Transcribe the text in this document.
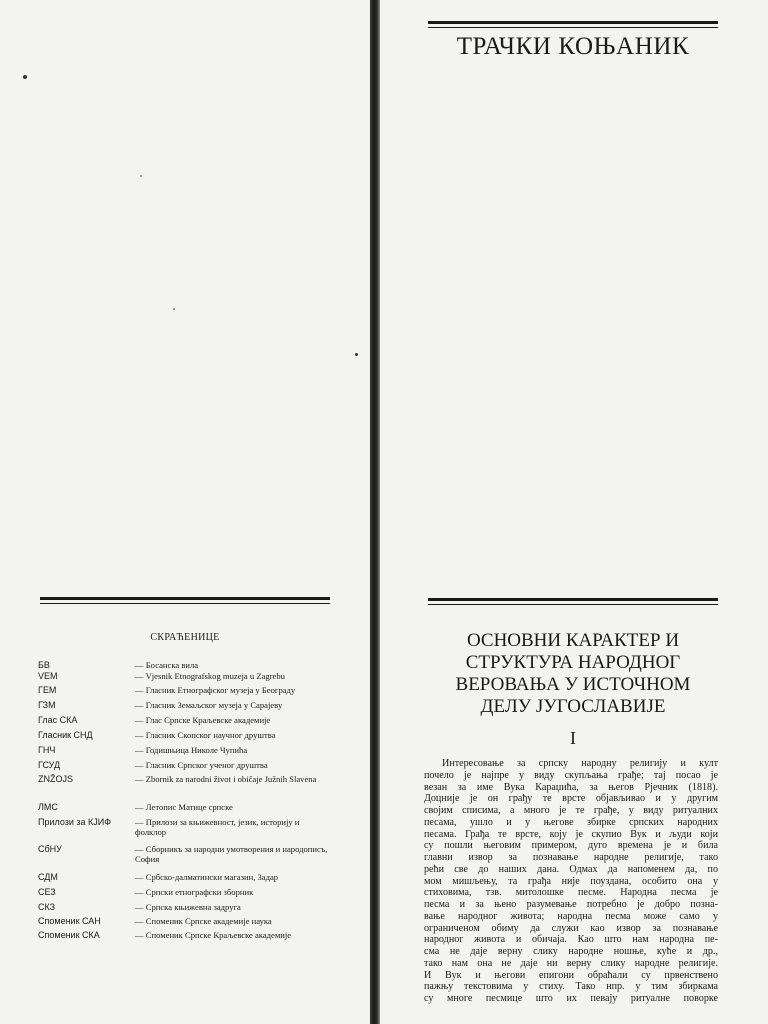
СКРАЋЕНИЦЕ
БВ	— Босанска вила
VEM	— Vjesnik Etnografskog muzeja u Zagrebu
ГЕМ	— Гласник Етнографског музеја у Београду
ГЗМ	— Гласник Земаљског музеја у Сарајеву
Глас СКА	— Глас Српске Краљевске академије
Гласник СНД	— Гласник Скопског научног друштва
ГНЧ	— Годишњица Николе Чупића
ГСУД	— Гласник Српског ученог друштва
ZNŽOJS	— Zbornik za narodni život i običaje Južnih Slavena
ЛМС	— Летопис Матице српске
Прилози за КЈИФ	— Прилози за књижевност, језик, историју и фолклор
СбНУ	— Сборникъ за народни умотворения и народописъ, София
СДМ	— Србско-далматински магазин, Задар
СЕЗ	— Српски етнографски зборник
СКЗ	— Српска књижевна задруга
Споменик САН	— Споменик Српске академије наука
Споменик СКА	— Споменик Српске Краљевске академије
ТРАЧКИ КОЊАНИК
ОСНОВНИ КАРАКТЕР И
СТРУКТУРА НАРОДНОГ
ВЕРОВАЊА У ИСТОЧНОМ
ДЕЛУ ЈУГОСЛАВИЈЕ
I
Интересовање за српску народну религију и култ
почело је најпре у виду скупљања грађе; тај посао је
везан за име Вука Караџића, за његов Рјечник (1818).
Доцније је он грађу те врсте објављивао и у другим
својим списима, а много је те грађе, у виду ритуалних
песама, ушло и у његове збирке српских народних
песама. Грађа те врсте, коју је скупио Вук и људи који
су пошли његовим примером, дуго времена је и била
главни извор за познавање народне религије, тако
рећи све до наших дана. Одмах да напоменем да, по
мом мишљењу, та грађа није поуздана, особито она у
стиховима, тзв. митолошке песме. Народна песма је
песма и за њено разумевање потребно је добро позна-
вање народног живота; народна песма може само у
ограниченом обиму да служи као извор за познавање
народног живота и обичаја. Као што нам народна пе-
сма не даје верну слику народне ношње, куће и др.,
тако нам она не даје ни верну слику народне религије.
И Вук и његови епигони обраћали су првенствено
пажњу текстовима у стиху. Тако нпр. у тим збиркама
су многе песмице што их певају ритуалне поворке
